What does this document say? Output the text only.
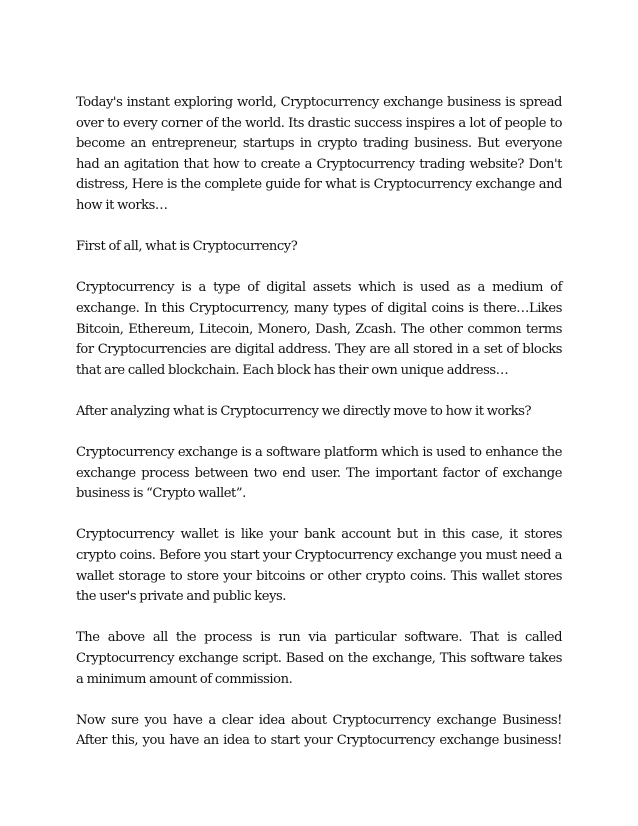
Today's instant exploring world, Cryptocurrency exchange business is spread over to every corner of the world. Its drastic success inspires a lot of people to become an entrepreneur, startups in crypto trading business. But everyone had an agitation that how to create a Cryptocurrency trading website? Don't distress, Here is the complete guide for what is Cryptocurrency exchange and how it works…

First of all, what is Cryptocurrency?

Cryptocurrency is a type of digital assets which is used as a medium of exchange. In this Cryptocurrency, many types of digital coins is there…Likes Bitcoin, Ethereum, Litecoin, Monero, Dash, Zcash. The other common terms for Cryptocurrencies are digital address. They are all stored in a set of blocks that are called blockchain. Each block has their own unique address…

After analyzing what is Cryptocurrency we directly move to how it works?

Cryptocurrency exchange is a software platform which is used to enhance the exchange process between two end user. The important factor of exchange business is “Crypto wallet”.

Cryptocurrency wallet is like your bank account but in this case, it stores crypto coins. Before you start your Cryptocurrency exchange you must need a wallet storage to store your bitcoins or other crypto coins. This wallet stores the user's private and public keys.

The above all the process is run via particular software. That is called Cryptocurrency exchange script. Based on the exchange, This software takes a minimum amount of commission.

Now sure you have a clear idea about Cryptocurrency exchange Business! After this, you have an idea to start your Cryptocurrency exchange business!
